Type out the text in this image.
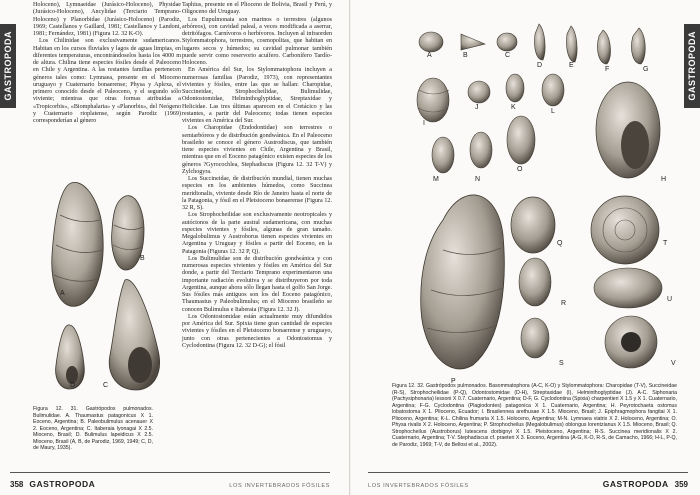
GASTROPODA

Holoceno), Lymnaeidae (Jurásico-Holoceno), Physidae (Jurásico-Holoceno), Ancylidae (Terciario Temprano-Holoceno) y Planorbidae (Jurásico-Holoceno) (Parodiz, 1969; Castellanos y Gaillard, 1981; Castellanos y Landoni, 1981; Fernández, 1981) (Figura 12. 32 K-O).

Los Chilinidae son exclusivamente sudamericanos. Habitan en los cursos fluviales y lagos de aguas limpias, en diferentes temperaturas, encontrándoselos hasta los 4000 m de altura. Chilina tiene especies fósiles desde el Paleoceno en Chile y Argentina. A las restantes familias pertenecen géneros tales como: Lymnaea, presente en el Mioceno uruguayo y Cuaternario bonaerense; Physa y Aplexa, el primero conocido desde el Paleoceno, y el segundo sólo viviente; mientras que otras formas atribuidas a «Tropicorbis», «Biomphalaria» y «Planorbis», del Neógeno y Cuaternario rioplatense, según Parodiz (1969) corresponderían al género

Taphius, presente en el Plioceno de Bolivia, Brasil y Perú, y Oligoceno del Uruguay.

Los Eupulmonata son marinos o terrestres (algunos arbóreos), con cavidad paleal, a veces modificada a aserrar, detritófagos. Carnívoros o herbívoros. Incluyen al infraorden Stylommatophora, terrestres, cosmopolitas, que habitan en lugares secos y húmedos; su cavidad pulmonar también puede servir como reservorio acuífero. Carbonífero Tardío-Holoceno.

En América del Sur, los Stylommatophora incluyen a numerosas familias (Parodiz, 1973), con representantes vivientes y fósiles, entre las que se hallan: Charopidae, Succineidae, Strophocheilidae, Bulimulidae, Odontostomidae, Helminthoglyptidae, Streptaxidae y Helicidae. Las tres últimas aparecen en el Cretácico y las restantes, a partir del Paleoceno; todas tienen especies vivientes en América del Sur.

Los Charopidae (Endodontidae) son terrestres o semiarbóreos y de distribución gondwánica. En el Paleoceno brasileño se conoce el género Austrodiscus, que también tiene especies vivientes en Chile, Argentina y Brasil, mientras que en el Eoceno patagónico existen especies de los géneros ?Gyrocochlea, Stephadiscus (Figura 12. 32 T-V) y Zylchogyra.

Los Succineidae, de distribución mundial, tienen muchas especies en los ambientes húmedos, como Succinea meridionalis, viviente desde Río de Janeiro hasta el norte de la Patagonia, y fósil en el Pleistoceno bonaerense (Figura 12. 32 R, S).

Los Strophocheilidae son exclusivamente neotropicales y autóctonos de la parte austral sudamericana, con muchas especies vivientes y fósiles, algunas de gran tamaño. Megalobulimus y Austroborus tienen especies vivientes en Argentina y Uruguay y fósiles a partir del Eoceno, en la Patagonia (Figuras 12. 32 P, Q).

Los Bulimulidae son de distribución gondwánica y con numerosas especies vivientes y fósiles en América del Sur donde, a partir del Terciario Temprano experimentaron una importante radiación evolutiva y se distribuyeron por toda Argentina, aunque ahora sólo llegan hasta el golfo San Jorge. Sus fósiles más antiguos son los del Eoceno patagónico, Thaumastus y Paleobulimulus; en el Mioceno brasileño se conocen Bulimulus e Itaberaia (Figura 12. 32 J).

Los Odontostomidae están actualmente muy difundidos por América del Sur. Spixia tiene gran cantidad de especies vivientes y fósiles en el Pleistoceno bonaerense y uruguayo, junto con otras pertenecientes a Odontostomus y Cyclodontina (Figura 12. 32 D-G); el fósil

A
B
C
D
Figura 12. 31. Gastrópodos pulmonados. Bulimulidae. A. Thaumastus patagonicus X 1. Eoceno, Argentina; B. Paleobulimulus acenauer X 2. Eoceno, Argentina; C. Itaberaia lyonagai X 2.5. Mioceno, Brasil; D. Bulimulus lapeidicus X 2.5. Mioceno, Brasil (A, B, de Parodiz, 1969, 1949; C, D, de Maury, 1935).
358 GASTROPODA	LOS INVERTEBRADOS FÓSILES
GASTROPODA
A	B	C
D	E
F	G
H
I
J	K
L
M	N
O
P
Q
R
S
T
U
V
Figura 12. 32. Gastrópodos pulmonados. Basommatophora (A-C, K-O) y Stylommatophora: Charopidae (T-V), Succineidae (R-S), Strophocheilidae (P-Q), Odontostomidae (D-H), Streptaxidae (I), Helminthoglyptidae (J). A-C. Siphonaria (Pachysiphonaria) lessoni X 0.7. Cuaternario, Argentina; D-F, G. Cyclodontina (Spixia) charpentieri X 1.5 y X 1. Cuaternario, Argentina; F-G. Cyclodontina (Plagiodontes) patagonica X 1. Cuaternario, Argentina; H. Peyrotochaeta ostomus lobatostoma X 1. Plioceno, Ecuador; I. Brasilennea arethusae X 1.5. Mioceno, Brasil; J. Epiphragmophora fangitai X 1. Plioceno, Argentina; K-L. Chilina frumaria X 1.5. Holoceno, Argentina; M-N. Lymnaea viatrix X 2. Holoceno, Argentina; O. Physa rivalis X 2. Holoceno, Argentina; P. Strophocheilus (Megalobulimus) oblongus lorentzianus X 1.5. Mioceno, Brasil; Q. Strophocheilus (Austroborus) lutescens dorbignyi X 1.5. Pleistoceno, Argentina; R-S. Succinea meridionalis X 2. Cuaternario, Argentina; T-V. Stephadiscus cf. praeteri X 3. Eoceno, Argentina (A-G, K-O, R-S, de Camacho, 1966; H-L, P-Q, de Parodiz, 1969; T-V, de Bellosi et al., 2002).
LOS INVERTEBRADOS FÓSILES	GASTROPODA 359
